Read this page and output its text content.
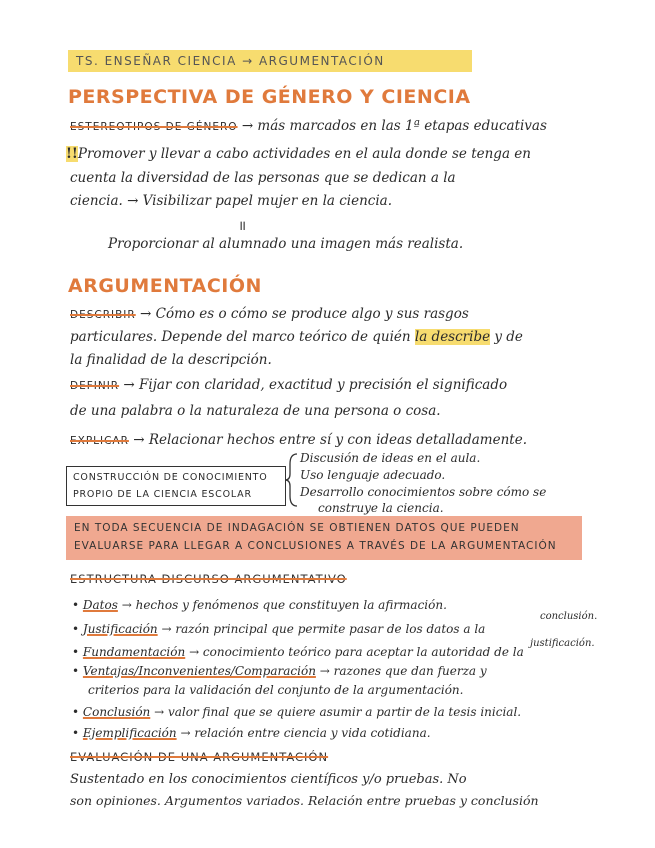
TS. ENSEÑAR CIENCIA → ARGUMENTACIÓN
PERSPECTIVA DE GÉNERO Y CIENCIA
ESTEREOTIPOS DE GÉNERO → más marcados en las 1ª etapas educativas
!!Promover y llevar a cabo actividades en el aula donde se tenga en
cuenta la diversidad de las personas que se dedican a la
ciencia. → Visibilizar papel mujer en la ciencia.
॥
Proporcionar al alumnado una imagen más realista.
ARGUMENTACIÓN
DESCRIBIR → Cómo es o cómo se produce algo y sus rasgos
particulares. Depende del marco teórico de quién la describe y de
la finalidad de la descripción.
DEFINIR → Fijar con claridad, exactitud y precisión el significado
de una palabra o la naturaleza de una persona o cosa.
EXPLICAR → Relacionar hechos entre sí y con ideas detalladamente.
CONSTRUCCIÓN DE CONOCIMIENTO
PROPIO DE LA CIENCIA ESCOLAR
Discusión de ideas en el aula.
Uso lenguaje adecuado.
Desarrollo conocimientos sobre cómo se
construye la ciencia.
EN TODA SECUENCIA DE INDAGACIÓN SE OBTIENEN DATOS QUE PUEDEN
EVALUARSE PARA LLEGAR A CONCLUSIONES A TRAVÉS DE LA ARGUMENTACIÓN
ESTRUCTURA DISCURSO ARGUMENTATIVO
• Datos → hechos y fenómenos que constituyen la afirmación.
• Justificación → razón principal que permite pasar de los datos a la
conclusión.
• Fundamentación → conocimiento teórico para aceptar la autoridad de la
justificación.
• Ventajas/Inconvenientes/Comparación → razones que dan fuerza y
criterios para la validación del conjunto de la argumentación.
• Conclusión → valor final que se quiere asumir a partir de la tesis inicial.
• Ejemplificación → relación entre ciencia y vida cotidiana.
EVALUACIÓN DE UNA ARGUMENTACIÓN
Sustentado en los conocimientos científicos y/o pruebas. No
son opiniones. Argumentos variados. Relación entre pruebas y conclusión
